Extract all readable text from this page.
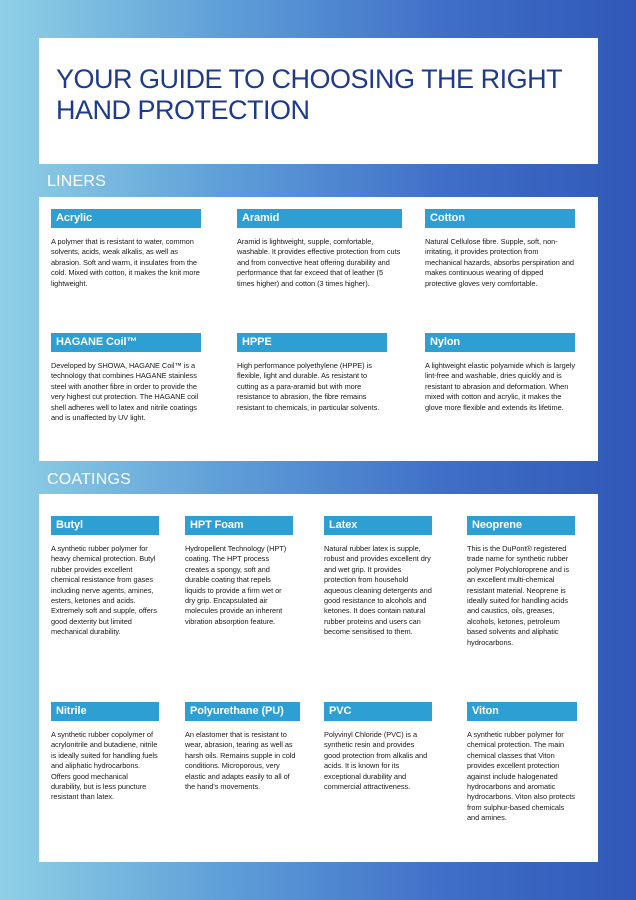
YOUR GUIDE TO CHOOSING THE RIGHT HAND PROTECTION
LINERS
Acrylic

A polymer that is resistant to water, common solvents, acids, weak alkalis, as well as abrasion. Soft and warm, it insulates from the cold. Mixed with cotton, it makes the knit more lightweight.

Aramid

Aramid is lightweight, supple, comfortable, washable. It provides effective protection from cuts and from convective heat offering durability and performance that far exceed that of leather (5 times higher) and cotton (3 times higher).

Cotton

Natural Cellulose fibre. Supple, soft, non-irritating, it provides protection from mechanical hazards, absorbs perspiration and makes continuous wearing of dipped protective gloves very comfortable.

HAGANE Coil™

Developed by SHOWA, HAGANE Coil™ is a technology that combines HAGANE stainless steel with another fibre in order to provide the very highest cut protection. The HAGANE coil shell adheres well to latex and nitrile coatings and is unaffected by UV light.

HPPE

High performance polyethylene (HPPE) is flexible, light and durable. As resistant to cutting as a para-aramid but with more resistance to abrasion, the fibre remains resistant to chemicals, in particular solvents.

Nylon

A lightweight elastic polyamide which is largely lint-free and washable, dries quickly and is resistant to abrasion and deformation. When mixed with cotton and acrylic, it makes the glove more flexible and extends its lifetime.

COATINGS
Butyl

A synthetic rubber polymer for heavy chemical protection. Butyl rubber provides excellent chemical resistance from gases including nerve agents, amines, esters, ketones and acids. Extremely soft and supple, offers good dexterity but limited mechanical durability.

HPT Foam

Hydropellent Technology (HPT) coating. The HPT process creates a spongy, soft and durable coating that repels liquids to provide a firm wet or dry grip. Encapsulated air molecules provide an inherent vibration absorption feature.

Latex

Natural rubber latex is supple, robust and provides excellent dry and wet grip. It provides protection from household aqueous cleaning detergents and good resistance to alcohols and ketones. It does contain natural rubber proteins and users can become sensitised to them.

Neoprene

This is the DuPont® registered trade name for synthetic rubber polymer Polychloroprene and is an excellent multi-chemical resistant material. Neoprene is ideally suited for handling acids and caustics, oils, greases, alcohols, ketones, petroleum based solvents and aliphatic hydrocarbons.

Nitrile

A synthetic rubber copolymer of acrylonitrile and butadiene, nitrile is ideally suited for handling fuels and aliphatic hydrocarbons. Offers good mechanical durability, but is less puncture resistant than latex.

Polyurethane (PU)

An elastomer that is resistant to wear, abrasion, tearing as well as harsh oils. Remains supple in cold conditions. Microporous, very elastic and adapts easily to all of the hand's movements.

PVC

Polyvinyl Chloride (PVC) is a synthetic resin and provides good protection from alkalis and acids. It is known for its exceptional durability and commercial attractiveness.

Viton

A synthetic rubber polymer for chemical protection. The main chemical classes that Viton provides excellent protection against include halogenated hydrocarbons and aromatic hydrocarbons. Viton also protects from sulphur-based chemicals and amines.
